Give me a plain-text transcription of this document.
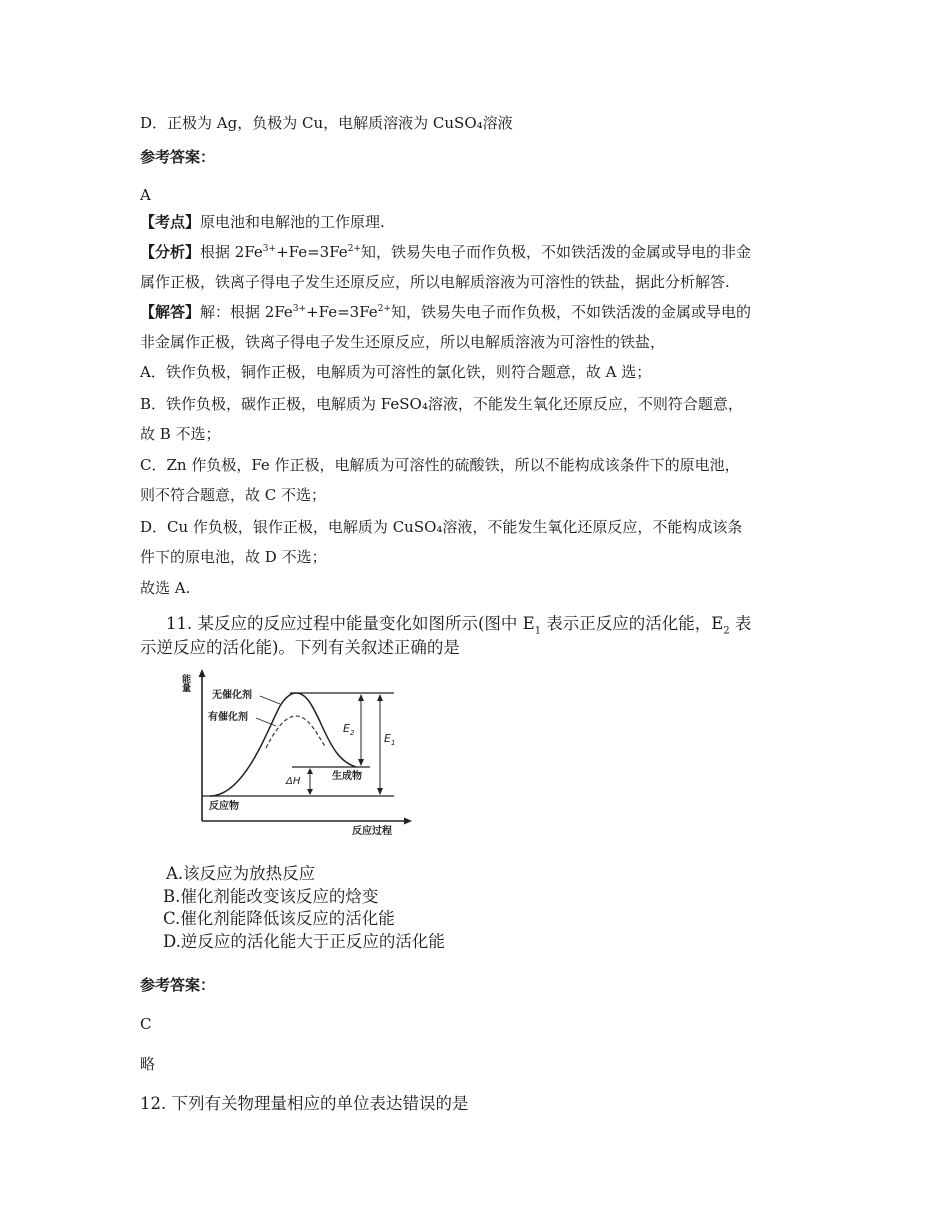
D．正极为 Ag，负极为 Cu，电解质溶液为 CuSO₄溶液
参考答案：
A
【考点】原电池和电解池的工作原理.
【分析】根据 $2Fe^{3+}+Fe=3Fe^{2+}$知，铁易失电子而作负极，不如铁活泼的金属或导电的非金
属作正极，铁离子得电子发生还原反应，所以电解质溶液为可溶性的铁盐，据此分析解答.
【解答】解：根据 $2Fe^{3+}+Fe=3Fe^{2+}$知，铁易失电子而作负极，不如铁活泼的金属或导电的
非金属作正极，铁离子得电子发生还原反应，所以电解质溶液为可溶性的铁盐，
A．铁作负极，铜作正极，电解质为可溶性的氯化铁，则符合题意，故 A 选；
B．铁作负极，碳作正极，电解质为 FeSO₄溶液，不能发生氧化还原反应，不则符合题意，
故 B 不选；
C．Zn 作负极，Fe 作正极，电解质为可溶性的硫酸铁，所以不能构成该条件下的原电池，
则不符合题意，故 C 不选；
D．Cu 作负极，银作正极，电解质为 CuSO₄溶液，不能发生氧化还原反应，不能构成该条
件下的原电池，故 D 不选；
故选 A.
11. 某反应的反应过程中能量变化如图所示(图中 $E_1$ 表示正反应的活化能，$E_2$ 表
示逆反应的活化能)。下列有关叙述正确的是
能量
反应过程
无催化剂
有催化剂
生成物
反应物
$E_2$	$E_1$
ΔH
A.该反应为放热反应
B.催化剂能改变该反应的焓变
C.催化剂能降低该反应的活化能
D.逆反应的活化能大于正反应的活化能
参考答案：
C
略
12. 下列有关物理量相应的单位表达错误的是
